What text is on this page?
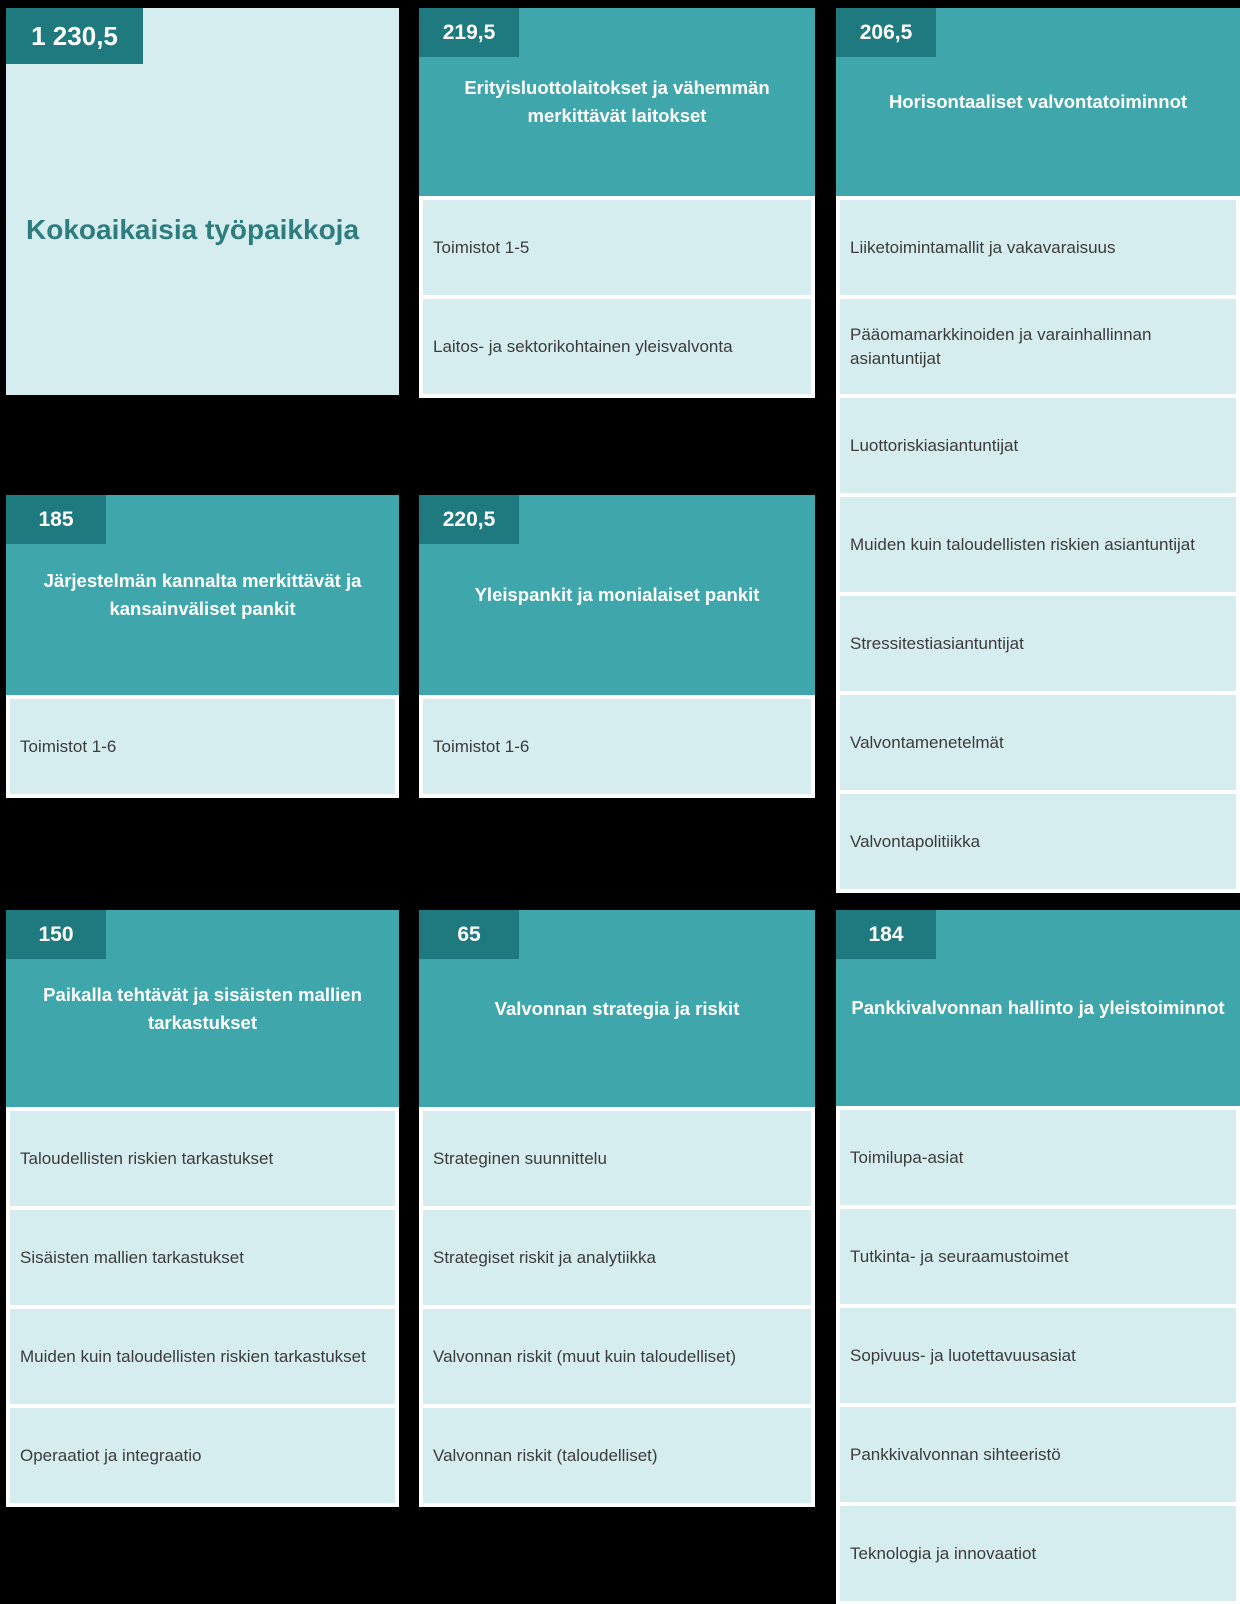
1 230,5
Kokoaikaisia työpaikkoja
185
Järjestelmän kannalta merkittävät ja kansainväliset pankit
Toimistot 1-6
150
Paikalla tehtävät ja sisäisten mallien tarkastukset
Taloudellisten riskien tarkastukset
Sisäisten mallien tarkastukset
Muiden kuin taloudellisten riskien tarkastukset
Operaatiot ja integraatio
219,5
Erityisluottolaitokset ja vähemmän merkittävät laitokset
Toimistot 1-5
Laitos- ja sektorikohtainen yleisvalvonta
220,5
Yleispankit ja monialaiset pankit
Toimistot 1-6
65
Valvonnan strategia ja riskit
Strateginen suunnittelu
Strategiset riskit ja analytiikka
Valvonnan riskit (muut kuin taloudelliset)
Valvonnan riskit (taloudelliset)
206,5
Horisontaaliset valvontatoiminnot
Liiketoimintamallit ja vakavaraisuus
Pääomamarkkinoiden ja varainhallinnan asiantuntijat
Luottoriskiasiantuntijat
Muiden kuin taloudellisten riskien asiantuntijat
Stressitestiasiantuntijat
Valvontamenetelmät
Valvontapolitiikka
184
Pankkivalvonnan hallinto ja yleistoiminnot
Toimilupa-asiat
Tutkinta- ja seuraamustoimet
Sopivuus- ja luotettavuusasiat
Pankkivalvonnan sihteeristö
Teknologia ja innovaatiot
